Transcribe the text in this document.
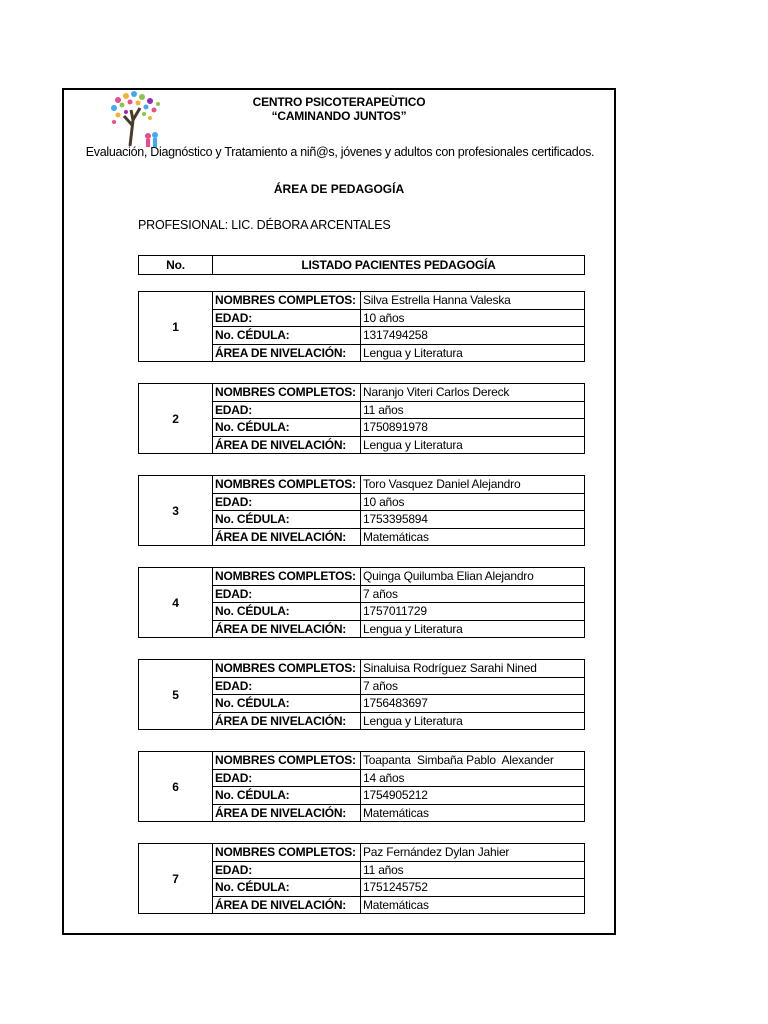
CENTRO PSICOTERAPEÙTICO
“CAMINANDO JUNTOS”
Evaluación, Diagnóstico y Tratamiento a niñ@s, jóvenes y adultos con profesionales certificados.
ÁREA DE PEDAGOGÍA
PROFESIONAL: LIC. DÉBORA ARCENTALES
No.	LISTADO PACIENTES PEDAGOGÍA
1	NOMBRES COMPLETOS:	Silva Estrella Hanna Valeska
	EDAD:	10 años
	No. CÉDULA:	1317494258
	ÁREA DE NIVELACIÓN:	Lengua y Literatura
2	NOMBRES COMPLETOS:	Naranjo Viteri Carlos Dereck
	EDAD:	11 años
	No. CÉDULA:	1750891978
	ÁREA DE NIVELACIÓN:	Lengua y Literatura
3	NOMBRES COMPLETOS:	Toro Vasquez Daniel Alejandro
	EDAD:	10 años
	No. CÉDULA:	1753395894
	ÁREA DE NIVELACIÓN:	Matemáticas
4	NOMBRES COMPLETOS:	Quinga Quilumba Elian Alejandro
	EDAD:	7 años
	No. CÉDULA:	1757011729
	ÁREA DE NIVELACIÓN:	Lengua y Literatura
5	NOMBRES COMPLETOS:	Sinaluisa Rodríguez Sarahi Nined
	EDAD:	7 años
	No. CÉDULA:	1756483697
	ÁREA DE NIVELACIÓN:	Lengua y Literatura
6	NOMBRES COMPLETOS:	Toapanta  Simbaña Pablo  Alexander
	EDAD:	14 años
	No. CÉDULA:	1754905212
	ÁREA DE NIVELACIÓN:	Matemáticas
7	NOMBRES COMPLETOS:	Paz Fernández Dylan Jahier
	EDAD:	11 años
	No. CÉDULA:	1751245752
	ÁREA DE NIVELACIÓN:	Matemáticas
